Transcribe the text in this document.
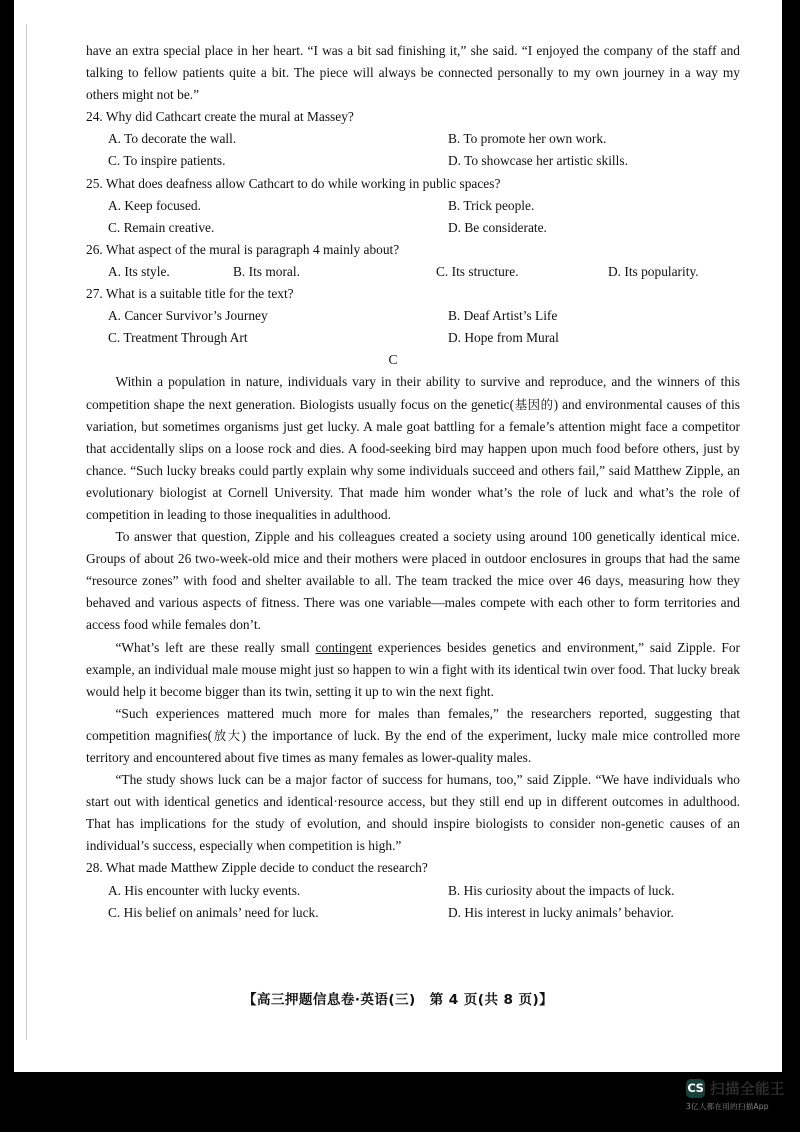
have an extra special place in her heart. “I was a bit sad finishing it,” she said. “I enjoyed the company of the staff and talking to fellow patients quite a bit. The piece will always be connected personally to my own journey in a way my others might not be.”

24. Why did Cathcart create the mural at Massey?

A. To decorate the wall.	B. To promote her own work.
C. To inspire patients.	D. To showcase her artistic skills.

25. What does deafness allow Cathcart to do while working in public spaces?

A. Keep focused.	B. Trick people.
C. Remain creative.	D. Be considerate.

26. What aspect of the mural is paragraph 4 mainly about?

A. Its style.	B. Its moral.	C. Its structure.	D. Its popularity.

27. What is a suitable title for the text?

A. Cancer Survivor’s Journey	B. Deaf Artist’s Life
C. Treatment Through Art	D. Hope from Mural

C

Within a population in nature, individuals vary in their ability to survive and reproduce, and the winners of this competition shape the next generation. Biologists usually focus on the genetic(基因的) and environmental causes of this variation, but sometimes organisms just get lucky. A male goat battling for a female’s attention might face a competitor that accidentally slips on a loose rock and dies. A food-seeking bird may happen upon much food before others, just by chance. “Such lucky breaks could partly explain why some individuals succeed and others fail,” said Matthew Zipple, an evolutionary biologist at Cornell University. That made him wonder what’s the role of luck and what’s the role of competition in leading to those inequalities in adulthood.

To answer that question, Zipple and his colleagues created a society using around 100 genetically identical mice. Groups of about 26 two-week-old mice and their mothers were placed in outdoor enclosures in groups that had the same “resource zones” with food and shelter available to all. The team tracked the mice over 46 days, measuring how they behaved and various aspects of fitness. There was one variable—males compete with each other to form territories and access food while females don’t.

“What’s left are these really small contingent experiences besides genetics and environment,” said Zipple. For example, an individual male mouse might just so happen to win a fight with its identical twin over food. That lucky break would help it become bigger than its twin, setting it up to win the next fight.

“Such experiences mattered much more for males than females,” the researchers reported, suggesting that competition magnifies(放大) the importance of luck. By the end of the experiment, lucky male mice controlled more territory and encountered about five times as many females as lower-quality males.

“The study shows luck can be a major factor of success for humans, too,” said Zipple. “We have individuals who start out with identical genetics and identical·resource access, but they still end up in different outcomes in adulthood. That has implications for the study of evolution, and should inspire biologists to consider non-genetic causes of an individual’s success, especially when competition is high.”

28. What made Matthew Zipple decide to conduct the research?

A. His encounter with lucky events.	B. His curiosity about the impacts of luck.
C. His belief on animals’ need for luck.	D. His interest in lucky animals’ behavior.
【高三押题信息卷·英语(三)　第 4 页(共 8 页)】
CS 扫描全能王
3亿人都在用的扫描App
